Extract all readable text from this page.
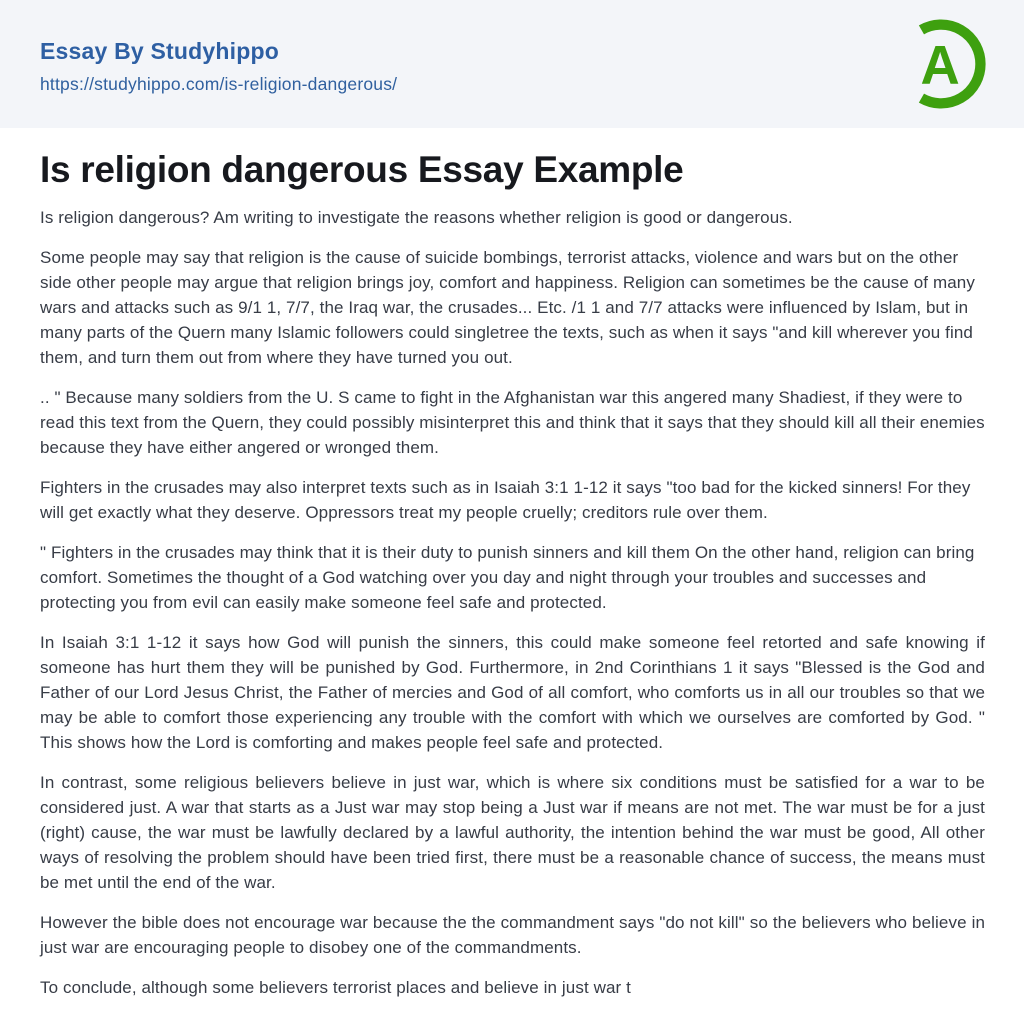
Essay By Studyhippo
https://studyhippo.com/is-religion-dangerous/	A
Is religion dangerous Essay Example

Is religion dangerous? Am writing to investigate the reasons whether religion is good or dangerous.

Some people may say that religion is the cause of suicide bombings, terrorist attacks, violence and wars but on the other side other people may argue that religion brings joy, comfort and happiness. Religion can sometimes be the cause of many wars and attacks such as 9/1 1, 7/7, the Iraq war, the crusades... Etc. /1 1 and 7/7 attacks were influenced by Islam, but in many parts of the Quern many Islamic followers could singletree the texts, such as when it says "and kill wherever you find them, and turn them out from where they have turned you out.

.. " Because many soldiers from the U. S came to fight in the Afghanistan war this angered many Shadiest, if they were to read this text from the Quern, they could possibly misinterpret this and think that it says that they should kill all their enemies because they have either angered or wronged them.

Fighters in the crusades may also interpret texts such as in Isaiah 3:1 1-12 it says "too bad for the kicked sinners! For they will get exactly what they deserve. Oppressors treat my people cruelly; creditors rule over them.

" Fighters in the crusades may think that it is their duty to punish sinners and kill them On the other hand, religion can bring comfort. Sometimes the thought of a God watching over you day and night through your troubles and successes and protecting you from evil can easily make someone feel safe and protected.

In Isaiah 3:1 1-12 it says how God will punish the sinners, this could make someone feel retorted and safe knowing if someone has hurt them they will be punished by God. Furthermore, in 2nd Corinthians 1 it says "Blessed is the God and Father of our Lord Jesus Christ, the Father of mercies and God of all comfort, who comforts us in all our troubles so that we may be able to comfort those experiencing any trouble with the comfort with which we ourselves are comforted by God. " This shows how the Lord is comforting and makes people feel safe and protected.

In contrast, some religious believers believe in just war, which is where six conditions must be satisfied for a war to be considered just. A war that starts as a Just war may stop being a Just war if means are not met. The war must be for a just (right) cause, the war must be lawfully declared by a lawful authority, the intention behind the war must be good, All other ways of resolving the problem should have been tried first, there must be a reasonable chance of success, the means must be met until the end of the war.

However the bible does not encourage war because the the commandment says "do not kill" so the believers who believe in just war are encouraging people to disobey one of the commandments.

To conclude, although some believers terrorist places and believe in just war t
